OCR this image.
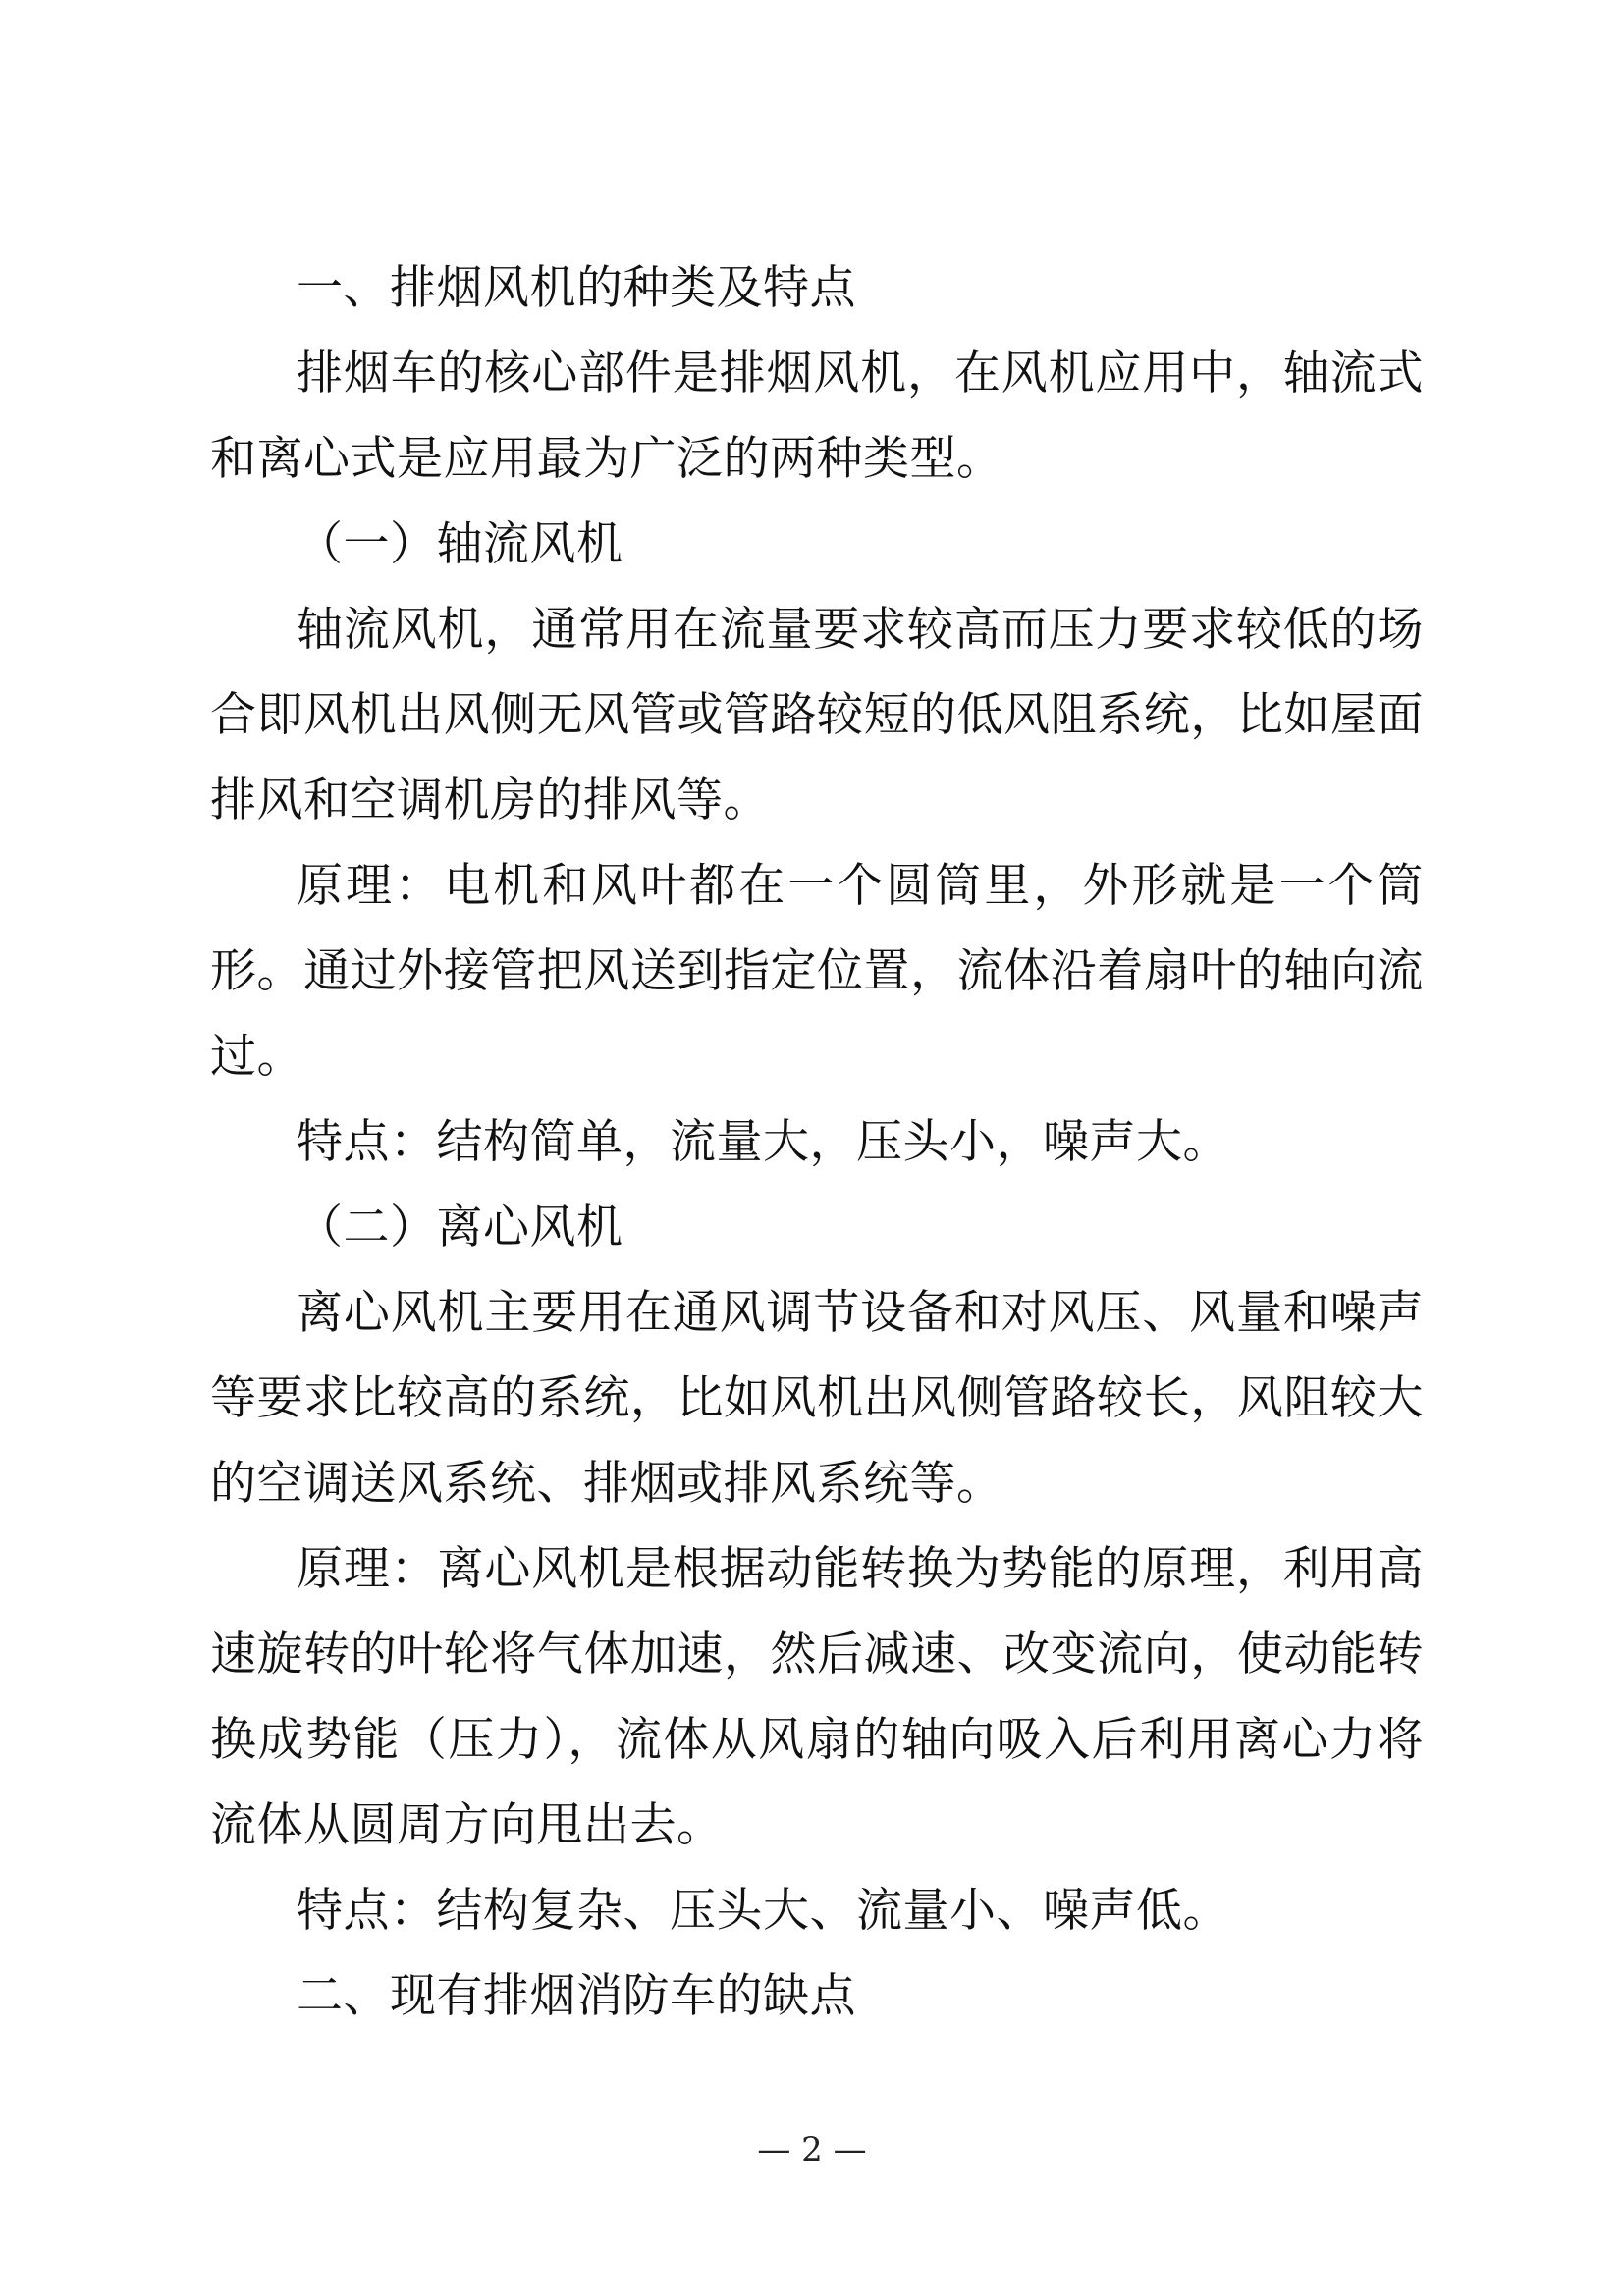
一、排烟风机的种类及特点

排烟车的核心部件是排烟风机，在风机应用中，轴流式和离心式是应用最为广泛的两种类型。

（一）轴流风机

轴流风机，通常用在流量要求较高而压力要求较低的场合即风机出风侧无风管或管路较短的低风阻系统，比如屋面排风和空调机房的排风等。

原理：电机和风叶都在一个圆筒里，外形就是一个筒形。通过外接管把风送到指定位置，流体沿着扇叶的轴向流过。

特点：结构简单，流量大，压头小，噪声大。

（二）离心风机

离心风机主要用在通风调节设备和对风压、风量和噪声等要求比较高的系统，比如风机出风侧管路较长，风阻较大的空调送风系统、排烟或排风系统等。

原理：离心风机是根据动能转换为势能的原理，利用高速旋转的叶轮将气体加速，然后减速、改变流向，使动能转换成势能（压力），流体从风扇的轴向吸入后利用离心力将流体从圆周方向甩出去。

特点：结构复杂、压头大、流量小、噪声低。

二、现有排烟消防车的缺点

— 2 —
